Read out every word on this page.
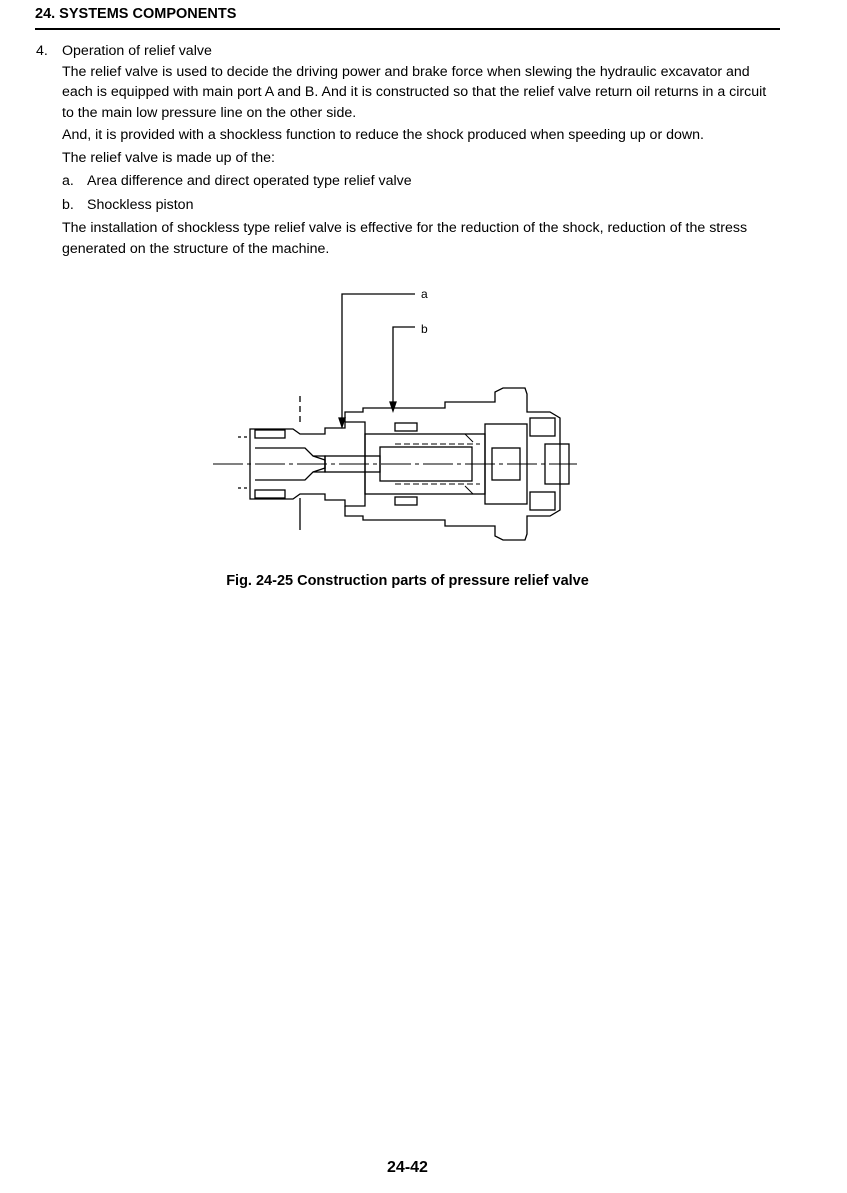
24. SYSTEMS COMPONENTS
4. Operation of relief valve

The relief valve is used to decide the driving power and brake force when slewing the hydraulic excavator and each is equipped with main port A and B. And it is constructed so that the relief valve return oil returns in a circuit to the main low pressure line on the other side.

And, it is provided with a shockless function to reduce the shock produced when speeding up or down.

The relief valve is made up of the:

a. Area difference and direct operated type relief valve
b. Shockless piston

The installation of shockless type relief valve is effective for the reduction of the shock, reduction of the stress generated on the structure of the machine.

a
b
Fig. 24-25 Construction parts of pressure relief valve
24-42
